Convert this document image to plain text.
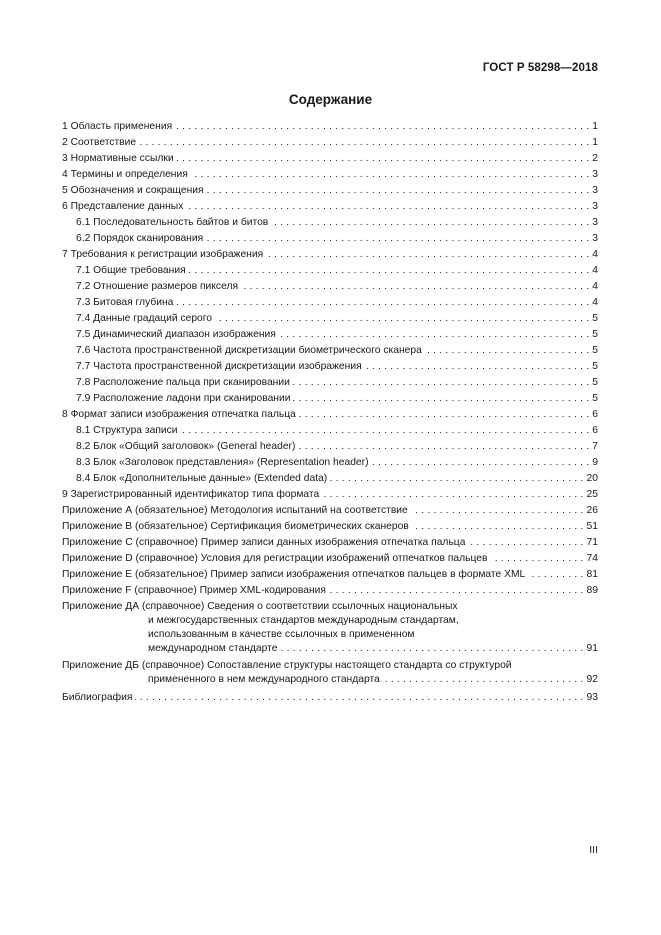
ГОСТ Р 58298—2018
Содержание
1 Область применения . . .	1
2 Соответствие . . .	1
3 Нормативные ссылки . . .	2
4 Термины и определения . . .	3
5 Обозначения и сокращения . . .	3
6 Представление данных . . .	3
6.1 Последовательность байтов и битов . . .	3
6.2 Порядок сканирования . . .	3
7 Требования к регистрации изображения . . .	4
7.1 Общие требования . . .	4
7.2 Отношение размеров пикселя . . .	4
7.3 Битовая глубина . . .	4
7.4 Данные градаций серого . . .	5
7.5 Динамический диапазон изображения . . .	5
7.6 Частота пространственной дискретизации биометрического сканера . . .	5
7.7 Частота пространственной дискретизации изображения . . .	5
7.8 Расположение пальца при сканировании . . .	5
7.9 Расположение ладони при сканировании . . .	5
8 Формат записи изображения отпечатка пальца . . .	6
8.1 Структура записи . . .	6
8.2 Блок «Общий заголовок» (General header) . . .	7
8.3 Блок «Заголовок представления» (Representation header) . . .	9
8.4 Блок «Дополнительные данные» (Extended data) . . .	20
9 Зарегистрированный идентификатор типа формата . . .	25
Приложение А (обязательное) Методология испытаний на соответствие . . .	26
Приложение В (обязательное) Сертификация биометрических сканеров . . .	51
Приложение С (справочное) Пример записи данных изображения отпечатка пальца . . .	71
Приложение D (справочное) Условия для регистрации изображений отпечатков пальцев . . .	74
Приложение Е (обязательное) Пример записи изображения отпечатков пальцев в формате XML . . .	81
Приложение F (справочное) Пример XML-кодирования . . .	89
Приложение ДА (справочное) Сведения о соответствии ссылочных национальных
и межгосударственных стандартов международным стандартам,
использованным в качестве ссылочных в примененном
международном стандарте . . .	91
Приложение ДБ (справочное) Сопоставление структуры настоящего стандарта со структурой
примененного в нем международного стандарта . . .	92
Библиография . . .	93
III
